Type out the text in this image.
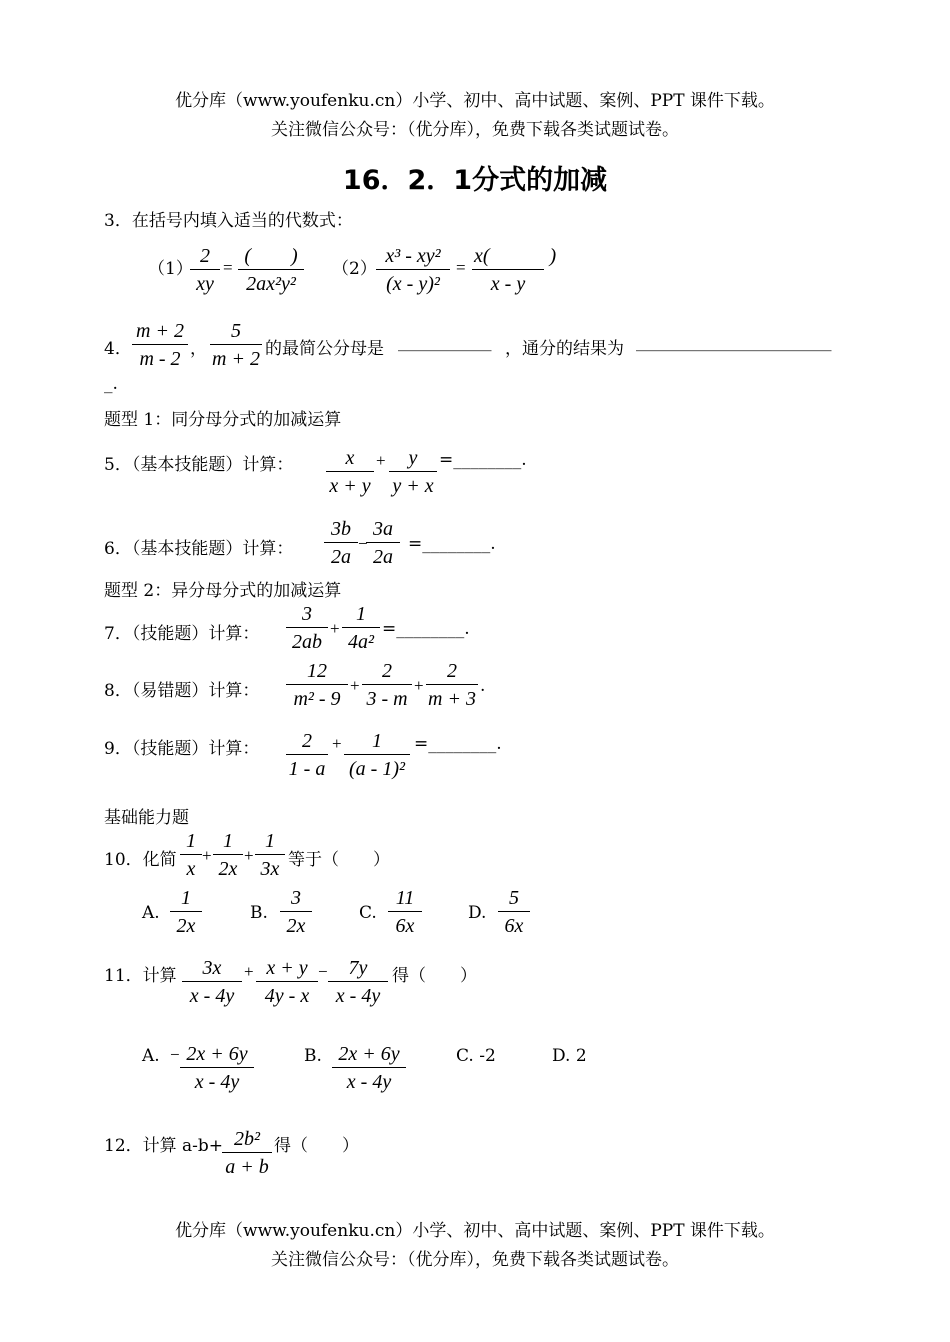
优分库（www.youfenku.cn）小学、初中、高中试题、案例、PPT 课件下载。
关注微信公众号：（优分库），免费下载各类试题试卷。
16．2．1分式的加减
3．在括号内填入适当的代数式：
（1）
2
xy
=
(　　)
2ax²y²
（2）
x³ - xy²
(x - y)²
=
x(　　　)
x - y
4．
m + 2
m - 2 ，
5
m + 2 的最简公分母是 ___________ ，通分的结果为 _______________________
_.
题型 1：同分母分式的加减运算
5．（基本技能题）计算：	x
x + y
+	y
y + x
=________.
6．（基本技能题）计算：
3b
2a
−
3a
2a
=________.
题型 2：异分母分式的加减运算
7．（技能题）计算：
3
2ab
+
1
4a²
=________.
8．（易错题）计算：
12
m² - 9
+
2
3 - m
+
2
m + 3
.
9．（技能题）计算：	2
1 - a
+	1
(a - 1)²
=________.
基础能力题
10．化简
1
x
+
1
2x
+
1
3x 等于（　　）
A.
1
2x
B.
3
2x
C.
11
6x
D.
5
6x
11．计算	3x
x - 4y
+ x + y
4y - x
−	7y
x - 4y
得（　　）
A. − 2x + 6y
x - 4y
B. 2x + 6y
x - 4y
C. -2	D. 2
12．计算 a-b+ 2b²
a + b
得（　　）
优分库（www.youfenku.cn）小学、初中、高中试题、案例、PPT 课件下载。
关注微信公众号：（优分库），免费下载各类试题试卷。
